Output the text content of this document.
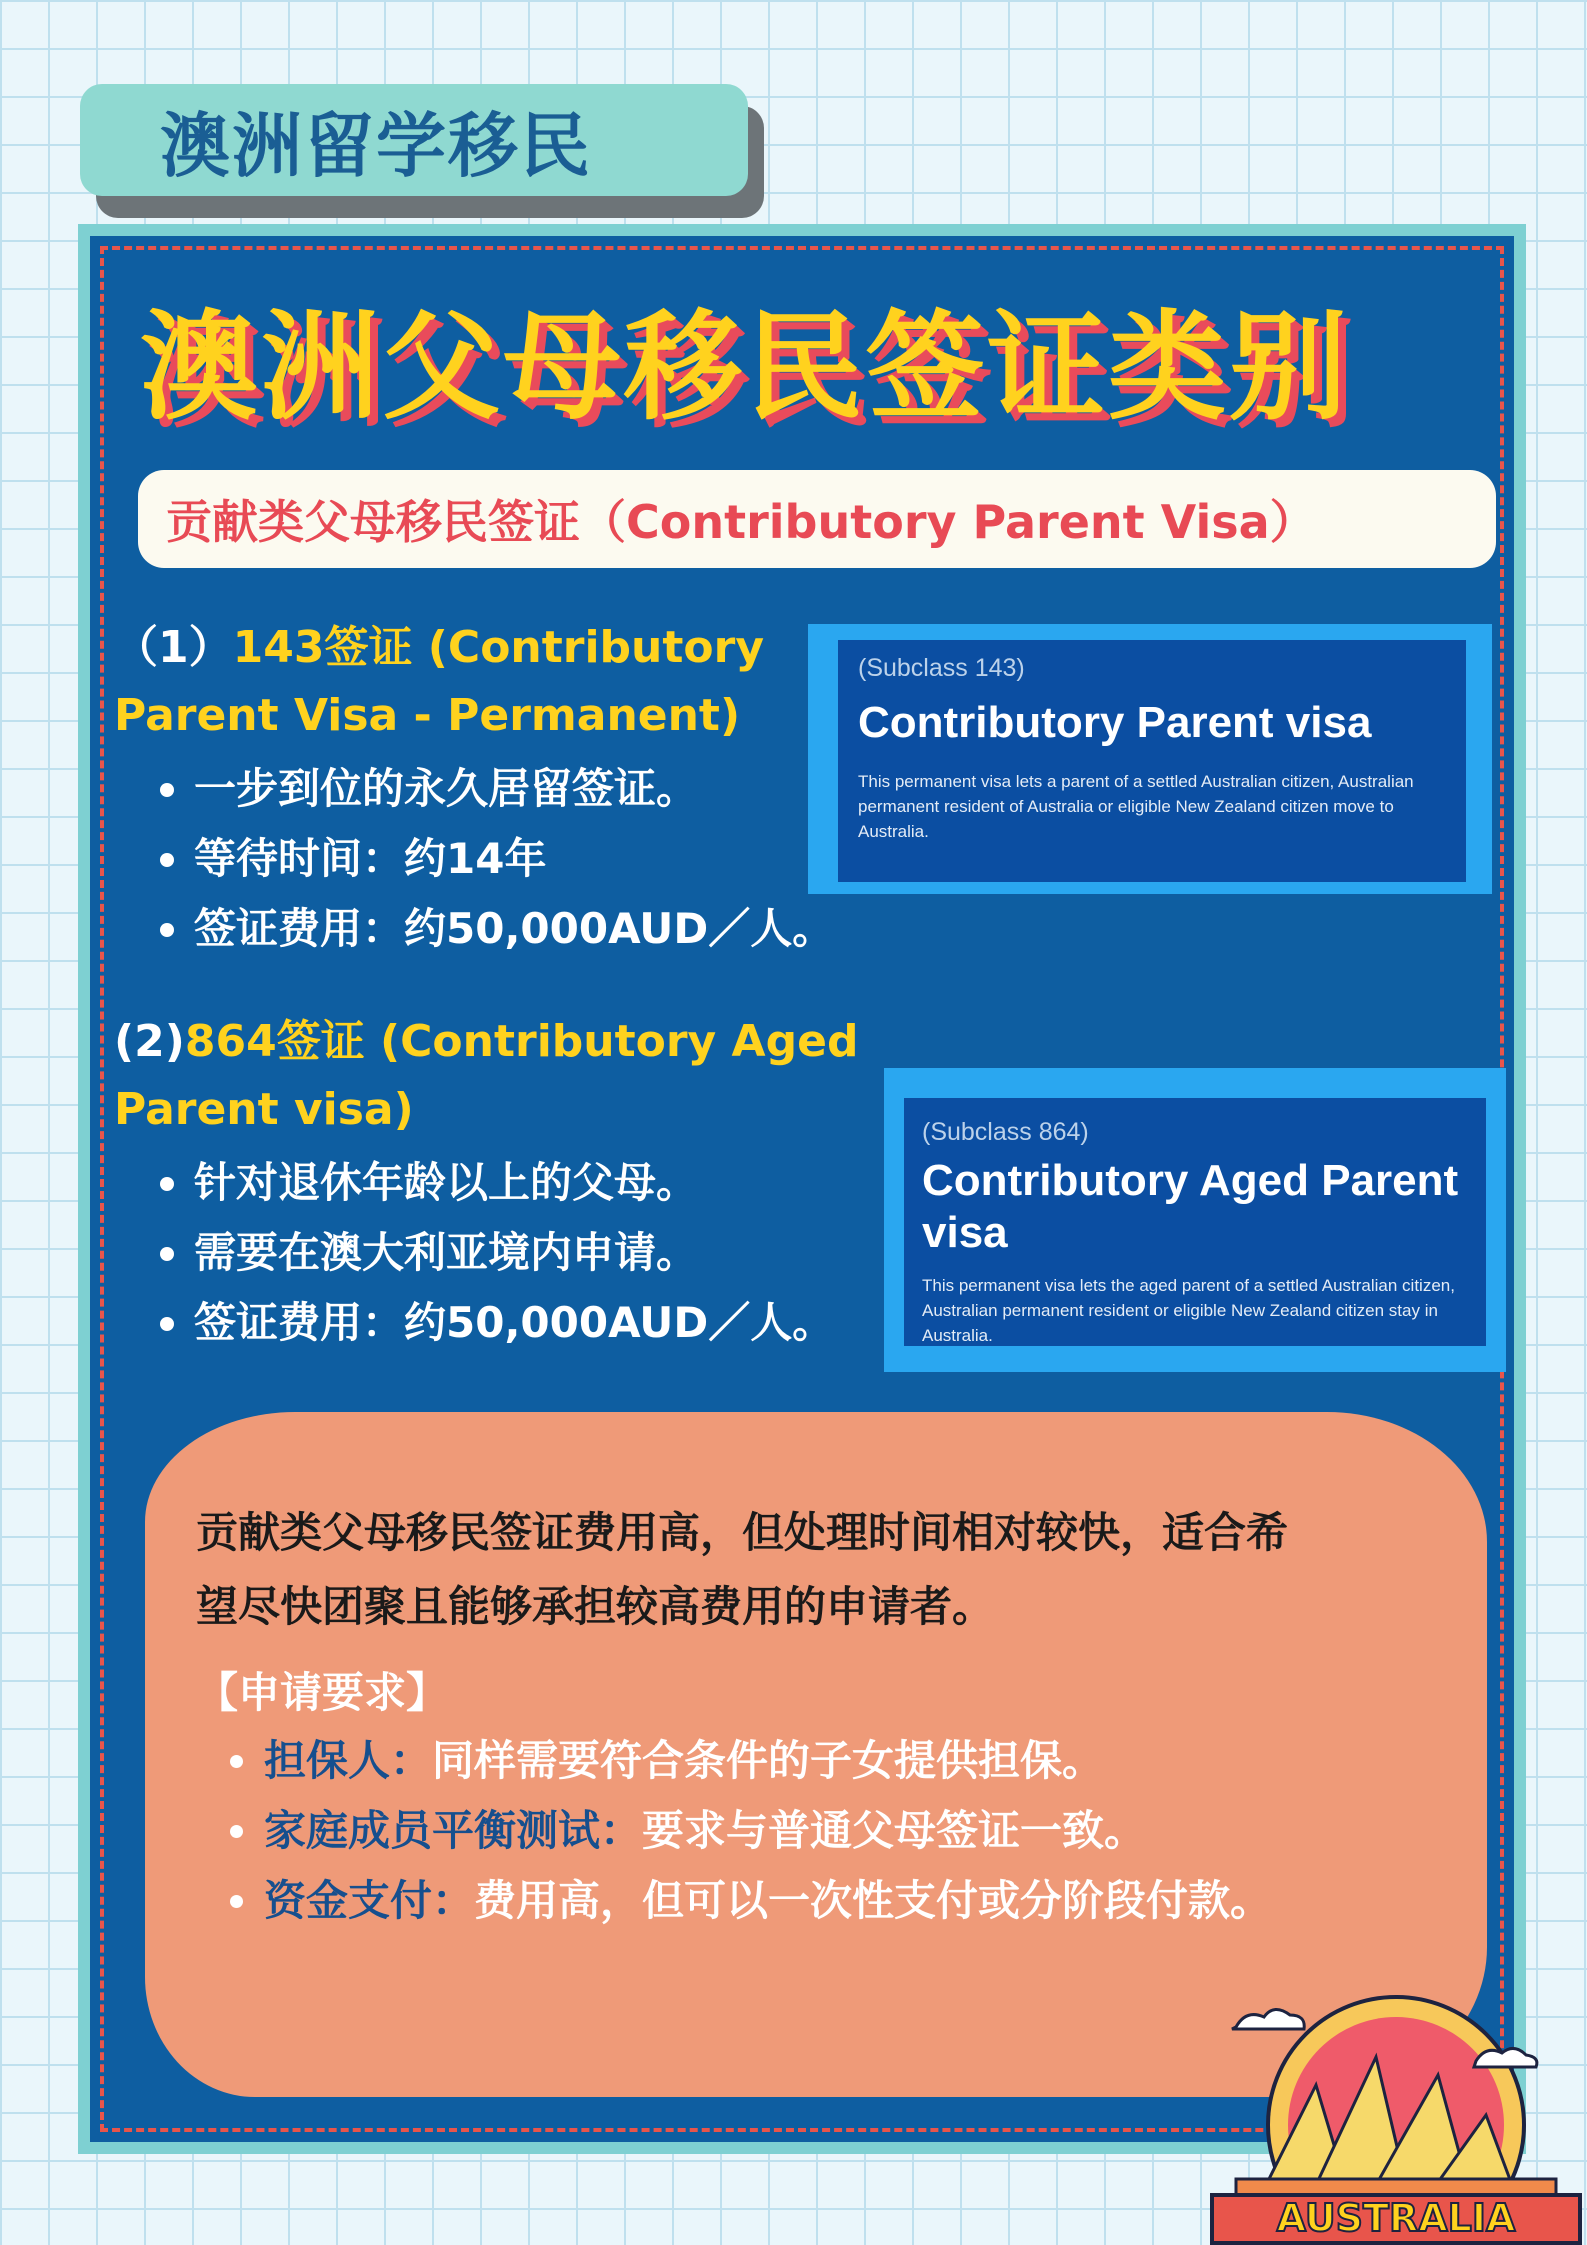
澳洲留学移民
澳洲父母移民签证类别
贡献类父母移民签证（Contributory Parent Visa）
（1）143签证 (Contributory
Parent Visa - Permanent)
一步到位的永久居留签证。
等待时间：约14年
签证费用：约50,000AUD／人。
(Subclass 143)
Contributory Parent visa
This permanent visa lets a parent of a settled Australian citizen, Australian permanent resident of Australia or eligible New Zealand citizen move to Australia.
(2)864签证 (Contributory Aged
Parent visa)
针对退休年龄以上的父母。
需要在澳大利亚境内申请。
签证费用：约50,000AUD／人。
(Subclass 864)
Contributory Aged Parent
visa
This permanent visa lets the aged parent of a settled Australian citizen, Australian permanent resident or eligible New Zealand citizen stay in Australia.
贡献类父母移民签证费用高，但处理时间相对较快，适合希
望尽快团聚且能够承担较高费用的申请者。
【申请要求】
担保人：同样需要符合条件的子女提供担保。
家庭成员平衡测试：要求与普通父母签证一致。
资金支付：费用高，但可以一次性支付或分阶段付款。
AUSTRALIA
